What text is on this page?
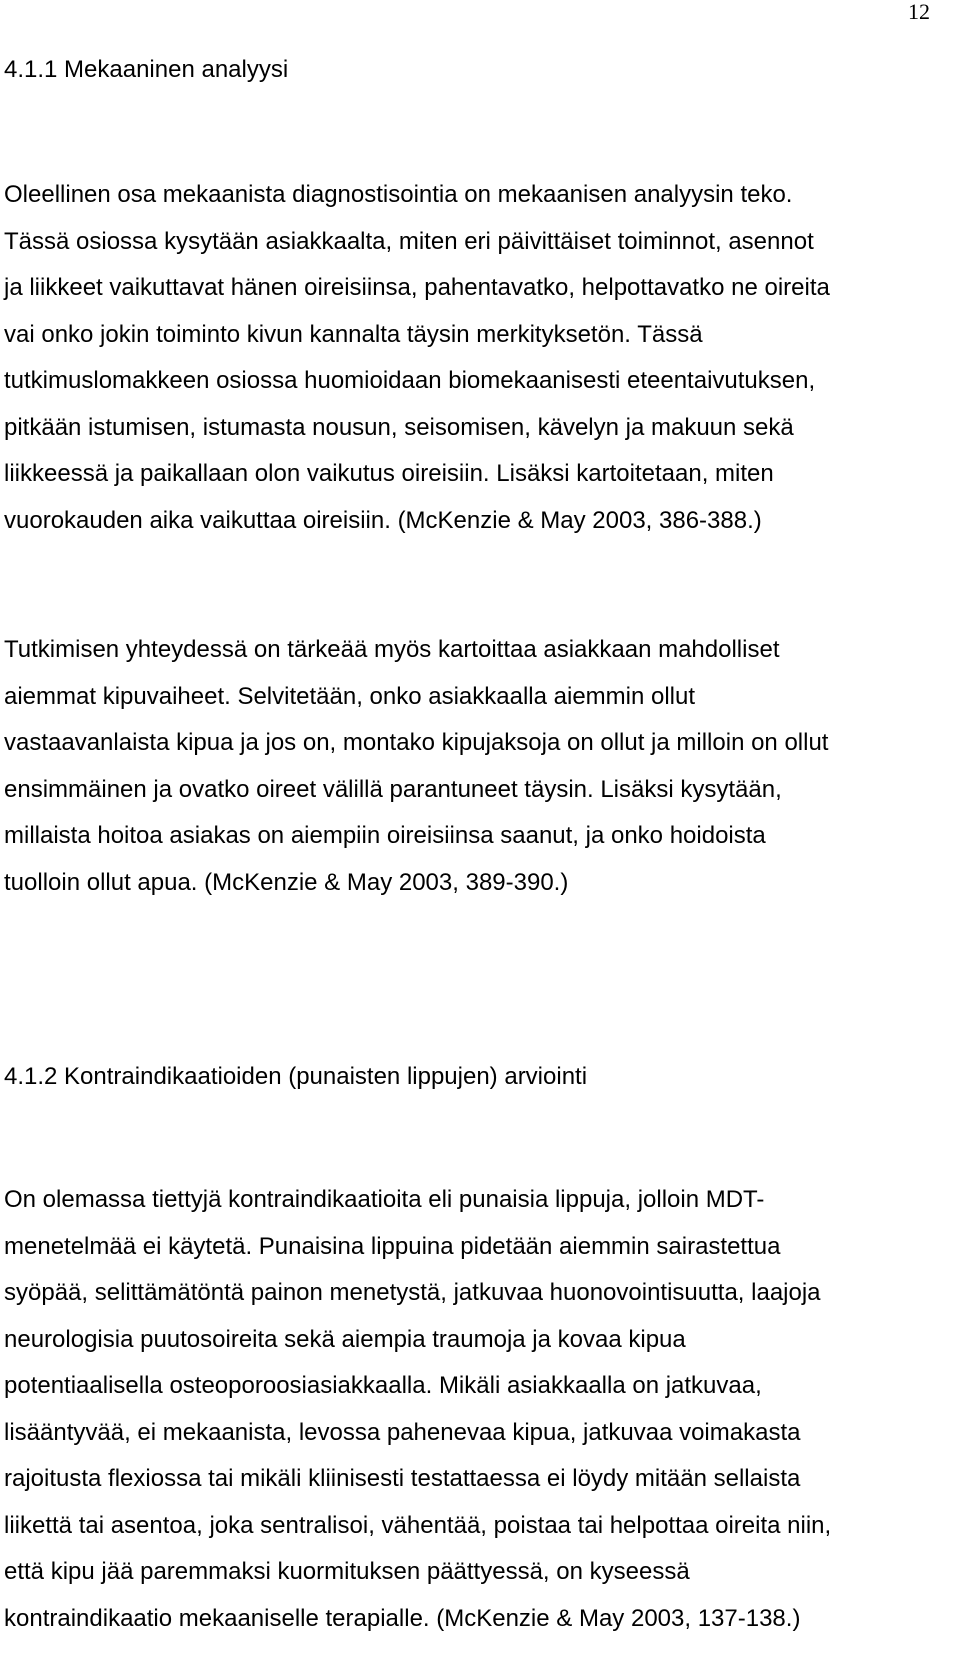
12
4.1.1 Mekaaninen analyysi
Oleellinen osa mekaanista diagnostisointia on mekaanisen analyysin teko.
Tässä osiossa kysytään asiakkaalta, miten eri päivittäiset toiminnot, asennot
ja liikkeet vaikuttavat hänen oireisiinsa, pahentavatko, helpottavatko ne oireita
vai onko jokin toiminto kivun kannalta täysin merkityksetön. Tässä
tutkimuslomakkeen osiossa huomioidaan biomekaanisesti eteentaivutuksen,
pitkään istumisen, istumasta nousun, seisomisen, kävelyn ja makuun sekä
liikkeessä ja paikallaan olon vaikutus oireisiin. Lisäksi kartoitetaan, miten
vuorokauden aika vaikuttaa oireisiin. (McKenzie & May 2003, 386-388.)
Tutkimisen yhteydessä on tärkeää myös kartoittaa asiakkaan mahdolliset
aiemmat kipuvaiheet. Selvitetään, onko asiakkaalla aiemmin ollut
vastaavanlaista kipua ja jos on, montako kipujaksoja on ollut ja milloin on ollut
ensimmäinen ja ovatko oireet välillä parantuneet täysin. Lisäksi kysytään,
millaista hoitoa asiakas on aiempiin oireisiinsa saanut, ja onko hoidoista
tuolloin ollut apua. (McKenzie & May 2003, 389-390.)
4.1.2 Kontraindikaatioiden (punaisten lippujen) arviointi
On olemassa tiettyjä kontraindikaatioita eli punaisia lippuja, jolloin MDT-
menetelmää ei käytetä. Punaisina lippuina pidetään aiemmin sairastettua
syöpää, selittämätöntä painon menetystä, jatkuvaa huonovointisuutta, laajoja
neurologisia puutosoireita sekä aiempia traumoja ja kovaa kipua
potentiaalisella osteoporoosiasiakkaalla. Mikäli asiakkaalla on jatkuvaa,
lisääntyvää, ei mekaanista, levossa pahenevaa kipua, jatkuvaa voimakasta
rajoitusta flexiossa tai mikäli kliinisesti testattaessa ei löydy mitään sellaista
liikettä tai asentoa, joka sentralisoi, vähentää, poistaa tai helpottaa oireita niin,
että kipu jää paremmaksi kuormituksen päättyessä, on kyseessä
kontraindikaatio mekaaniselle terapialle. (McKenzie & May 2003, 137-138.)
